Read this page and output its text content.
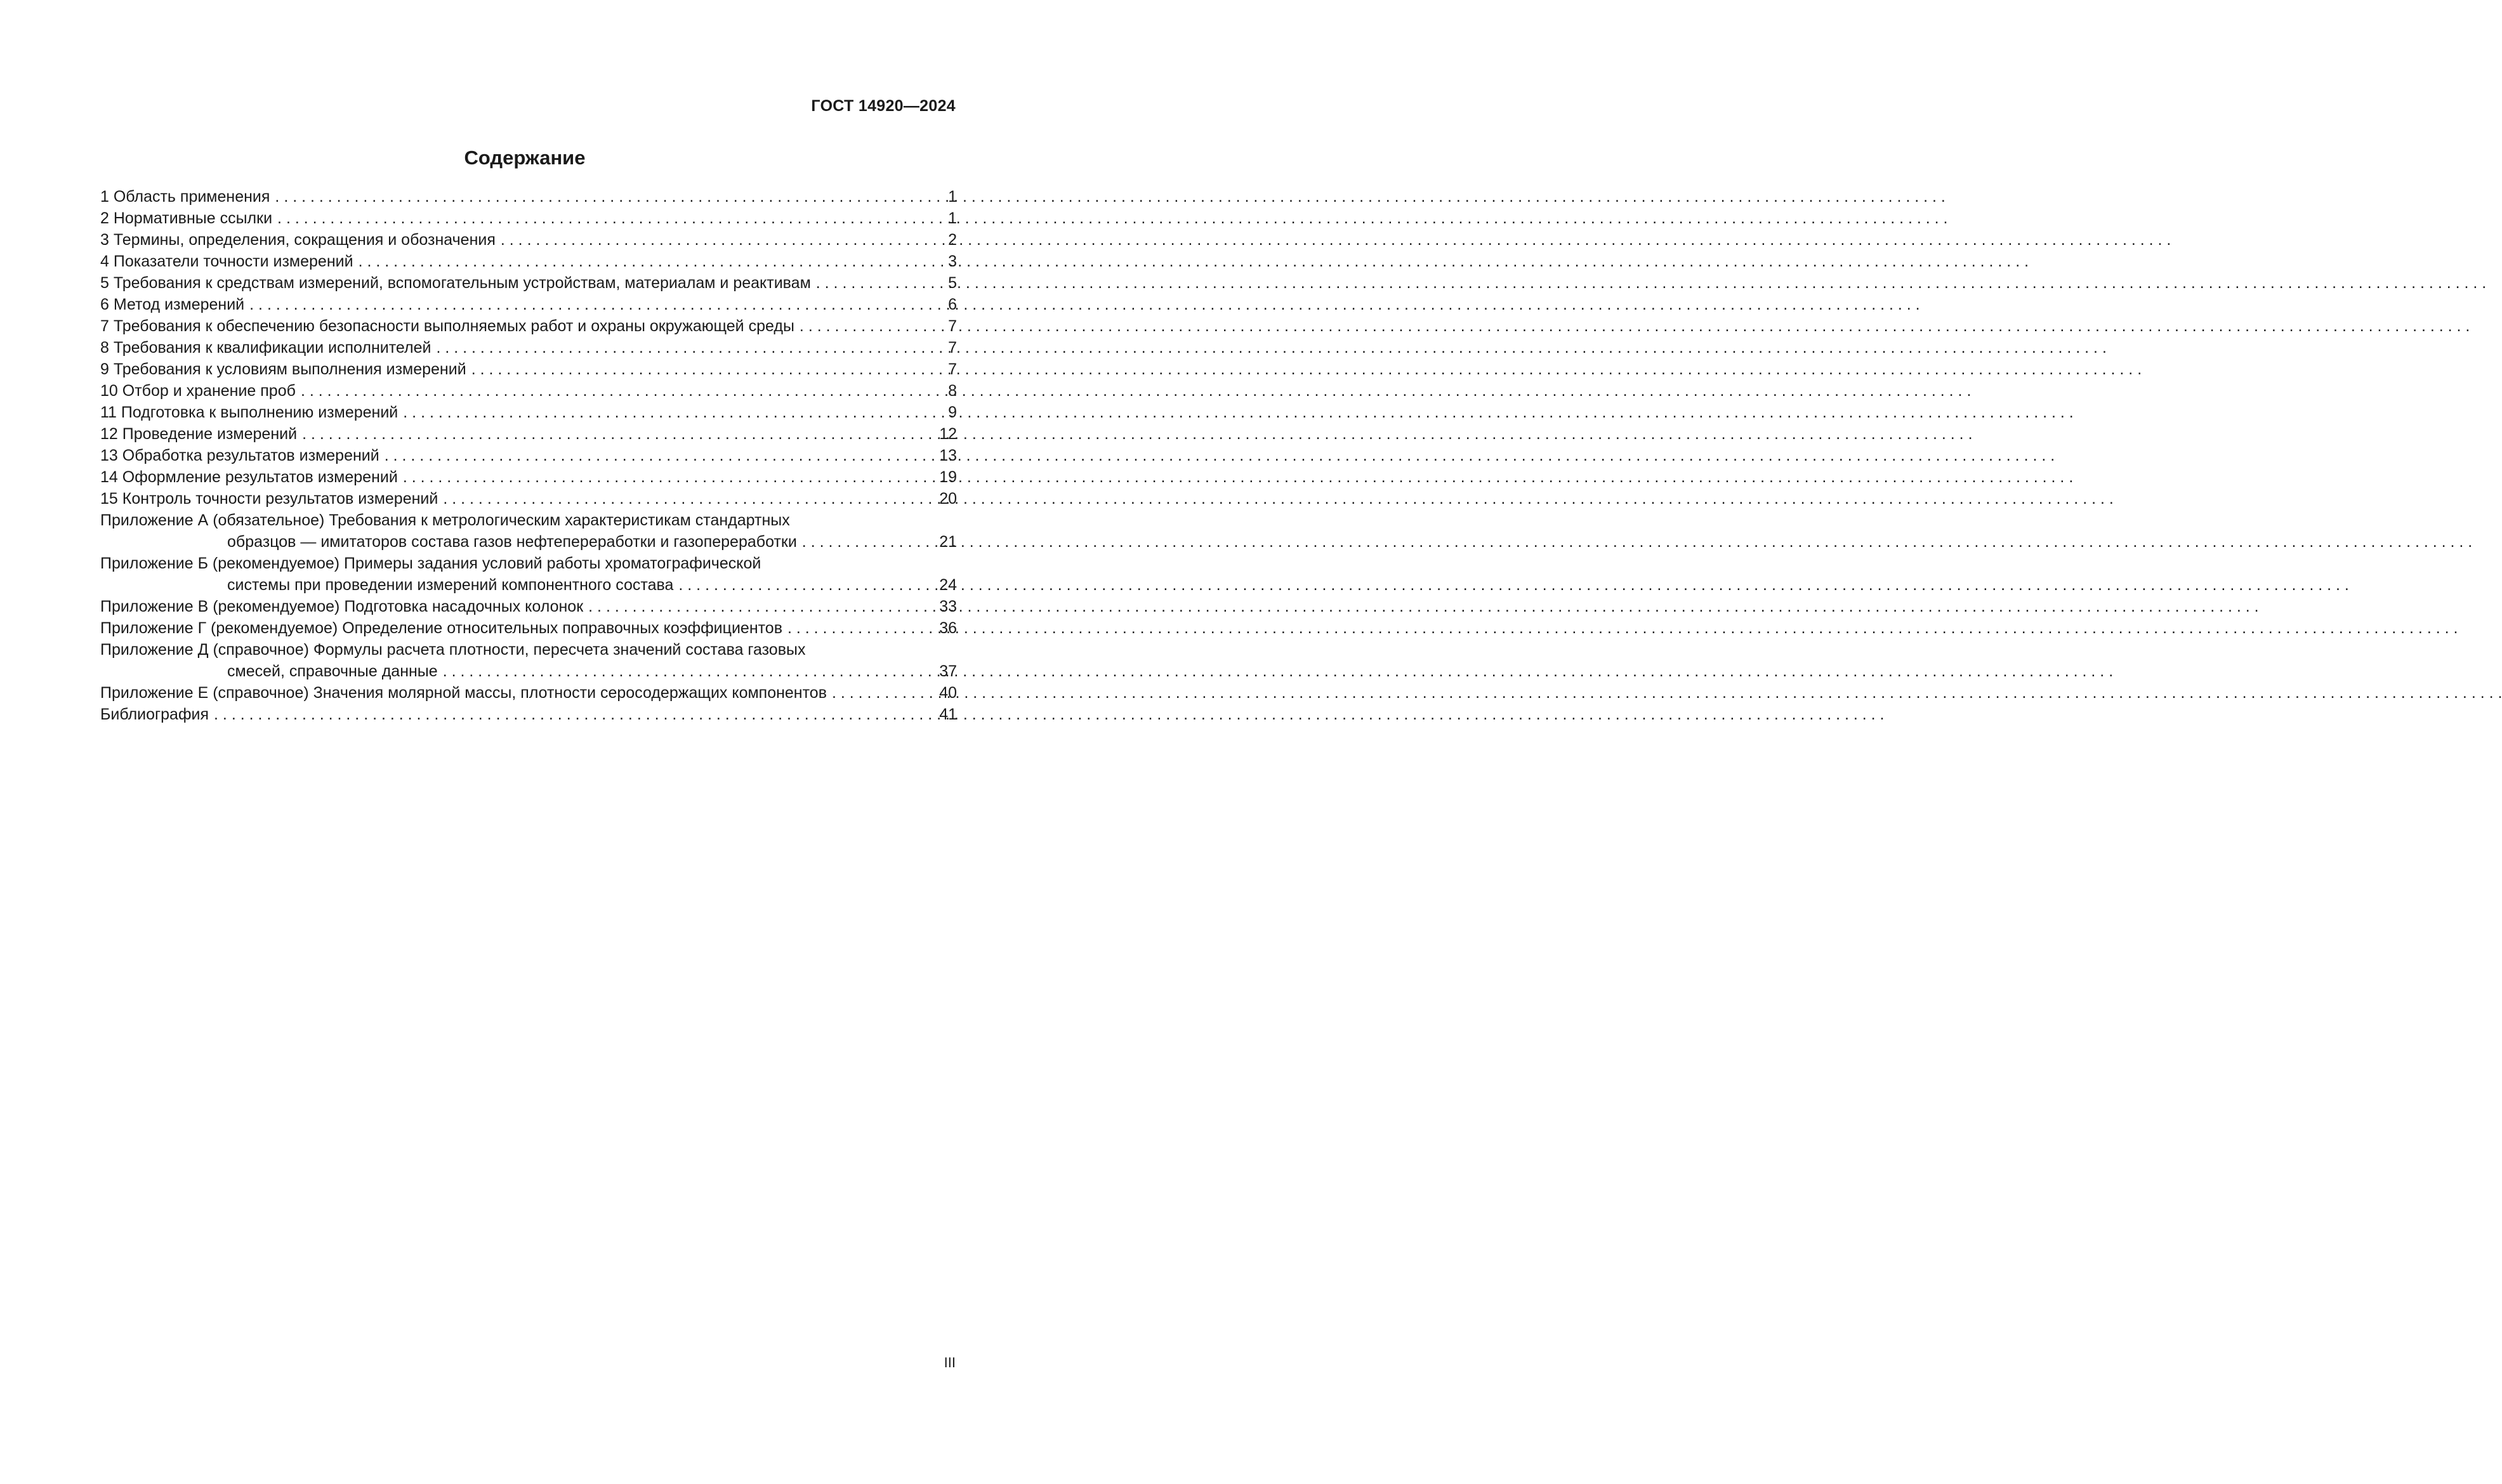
ГОСТ 14920—2024
Содержание
1 Область применения . . .	1
2 Нормативные ссылки . . .	1
3 Термины, определения, сокращения и обозначения . . .	2
4 Показатели точности измерений . . .	3
5 Требования к средствам измерений, вспомогательным устройствам, материалам и реактивам . . .	5
6 Метод измерений . . .	6
7 Требования к обеспечению безопасности выполняемых работ и охраны окружающей среды . . .	7
8 Требования к квалификации исполнителей . . .	7
9 Требования к условиям выполнения измерений . . .	7
10 Отбор и хранение проб . . .	8
11 Подготовка к выполнению измерений . . .	9
12 Проведение измерений . . .	12
13 Обработка результатов измерений . . .	13
14 Оформление результатов измерений . . .	19
15 Контроль точности результатов измерений . . .	20
Приложение А (обязательное) Требования к метрологическим характеристикам стандартных
образцов — имитаторов состава газов нефтепереработки и газопереработки . . .	21
Приложение Б (рекомендуемое) Примеры задания условий работы хроматографической
системы при проведении измерений компонентного состава . . .	24
Приложение В (рекомендуемое) Подготовка насадочных колонок . . .	33
Приложение Г (рекомендуемое) Определение относительных поправочных коэффициентов . . .	36
Приложение Д (справочное) Формулы расчета плотности, пересчета значений состава газовых
смесей, справочные данные . . .	37
Приложение Е (справочное) Значения молярной массы, плотности серосодержащих компонентов . . .	40
Библиография . . .	41
III
